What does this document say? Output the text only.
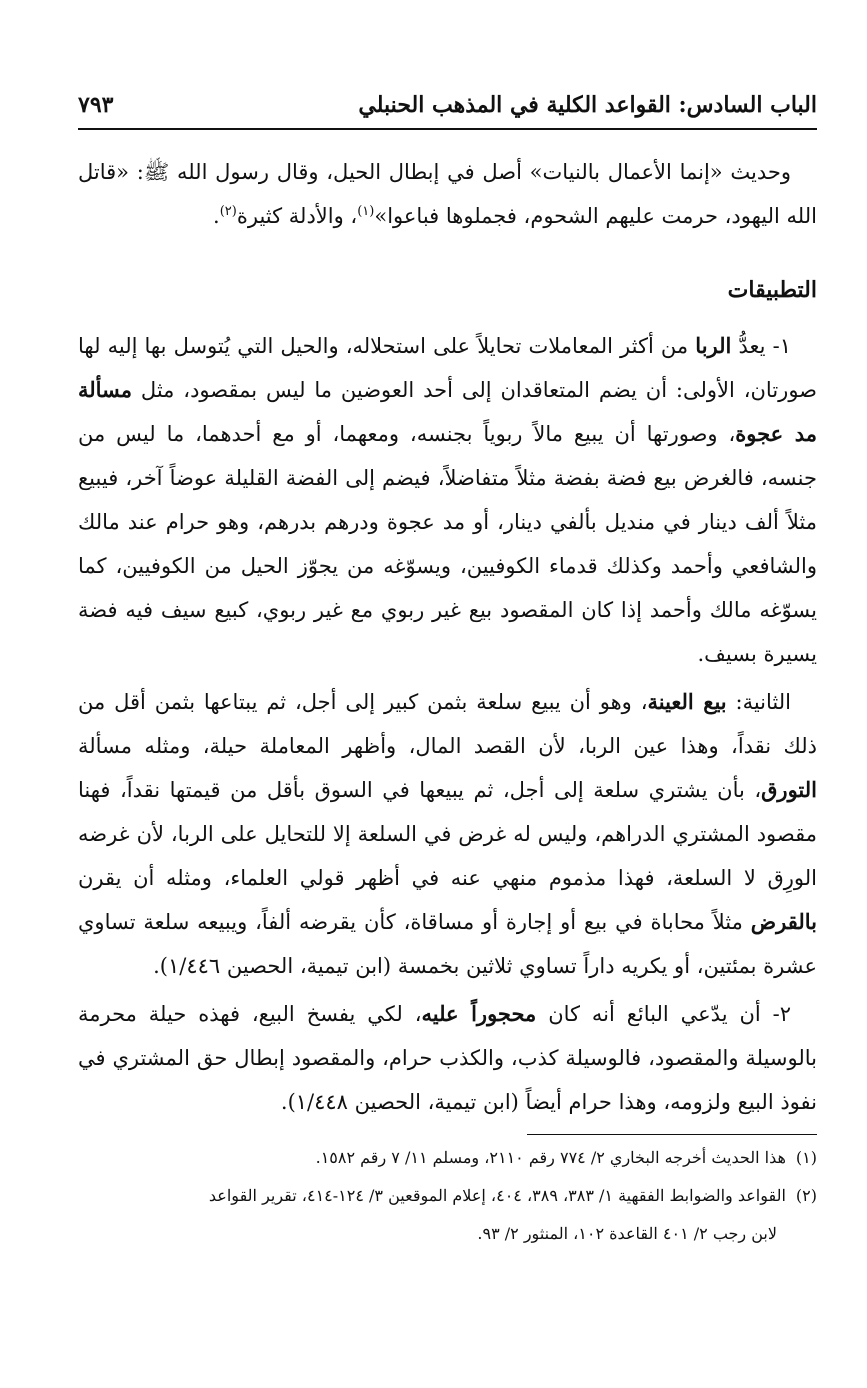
الباب السادس: القواعد الكلية في المذهب الحنبلي
٧٩٣

وحديث «إنما الأعمال بالنيات» أصل في إبطال الحيل، وقال رسول الله ﷺ: «قاتل الله اليهود، حرمت عليهم الشحوم، فجملوها فباعوا»$^{(١)}$، والأدلة كثيرة$^{(٢)}$.

التطبيقات

١- يعدُّ الربا من أكثر المعاملات تحايلاً على استحلاله، والحيل التي يُتوسل بها إليه لها صورتان، الأولى: أن يضم المتعاقدان إلى أحد العوضين ما ليس بمقصود، مثل مسألة مد عجوة، وصورتها أن يبيع مالاً ربوياً بجنسه، ومعهما، أو مع أحدهما، ما ليس من جنسه، فالغرض بيع فضة بفضة مثلاً متفاضلاً، فيضم إلى الفضة القليلة عوضاً آخر، فيبيع مثلاً ألف دينار في منديل بألفي دينار، أو مد عجوة ودرهم بدرهم، وهو حرام عند مالك والشافعي وأحمد وكذلك قدماء الكوفيين، ويسوّغه من يجوّز الحيل من الكوفيين، كما يسوّغه مالك وأحمد إذا كان المقصود بيع غير ربوي مع غير ربوي، كبيع سيف فيه فضة يسيرة بسيف.

الثانية: بيع العينة، وهو أن يبيع سلعة بثمن كبير إلى أجل، ثم يبتاعها بثمن أقل من ذلك نقداً، وهذا عين الربا، لأن القصد المال، وأظهر المعاملة حيلة، ومثله مسألة التورق، بأن يشتري سلعة إلى أجل، ثم يبيعها في السوق بأقل من قيمتها نقداً، فهنا مقصود المشتري الدراهم، وليس له غرض في السلعة إلا للتحايل على الربا، لأن غرضه الورِق لا السلعة، فهذا مذموم منهي عنه في أظهر قولي العلماء، ومثله أن يقرن بالقرض مثلاً محاباة في بيع أو إجارة أو مساقاة، كأن يقرضه ألفاً، ويبيعه سلعة تساوي عشرة بمئتين، أو يكريه داراً تساوي ثلاثين بخمسة (ابن تيمية، الحصين ١/٤٤٦).

٢- أن يدّعي البائع أنه كان محجوراً عليه، لكي يفسخ البيع، فهذه حيلة محرمة بالوسيلة والمقصود، فالوسيلة كذب، والكذب حرام، والمقصود إبطال حق المشتري في نفوذ البيع ولزومه، وهذا حرام أيضاً (ابن تيمية، الحصين ١/٤٤٨).

(١)هذا الحديث أخرجه البخاري ٢/ ٧٧٤ رقم ٢١١٠، ومسلم ١١/ ٧ رقم ١٥٨٢.

(٢)القواعد والضوابط الفقهية ١/ ٣٨٣، ٣٨٩، ٤٠٤، إعلام الموقعين ٣/ ١٢٤-٤١٤، تقرير القواعد

لابن رجب ٢/ ٤٠١ القاعدة ١٠٢، المنثور ٢/ ٩٣.
